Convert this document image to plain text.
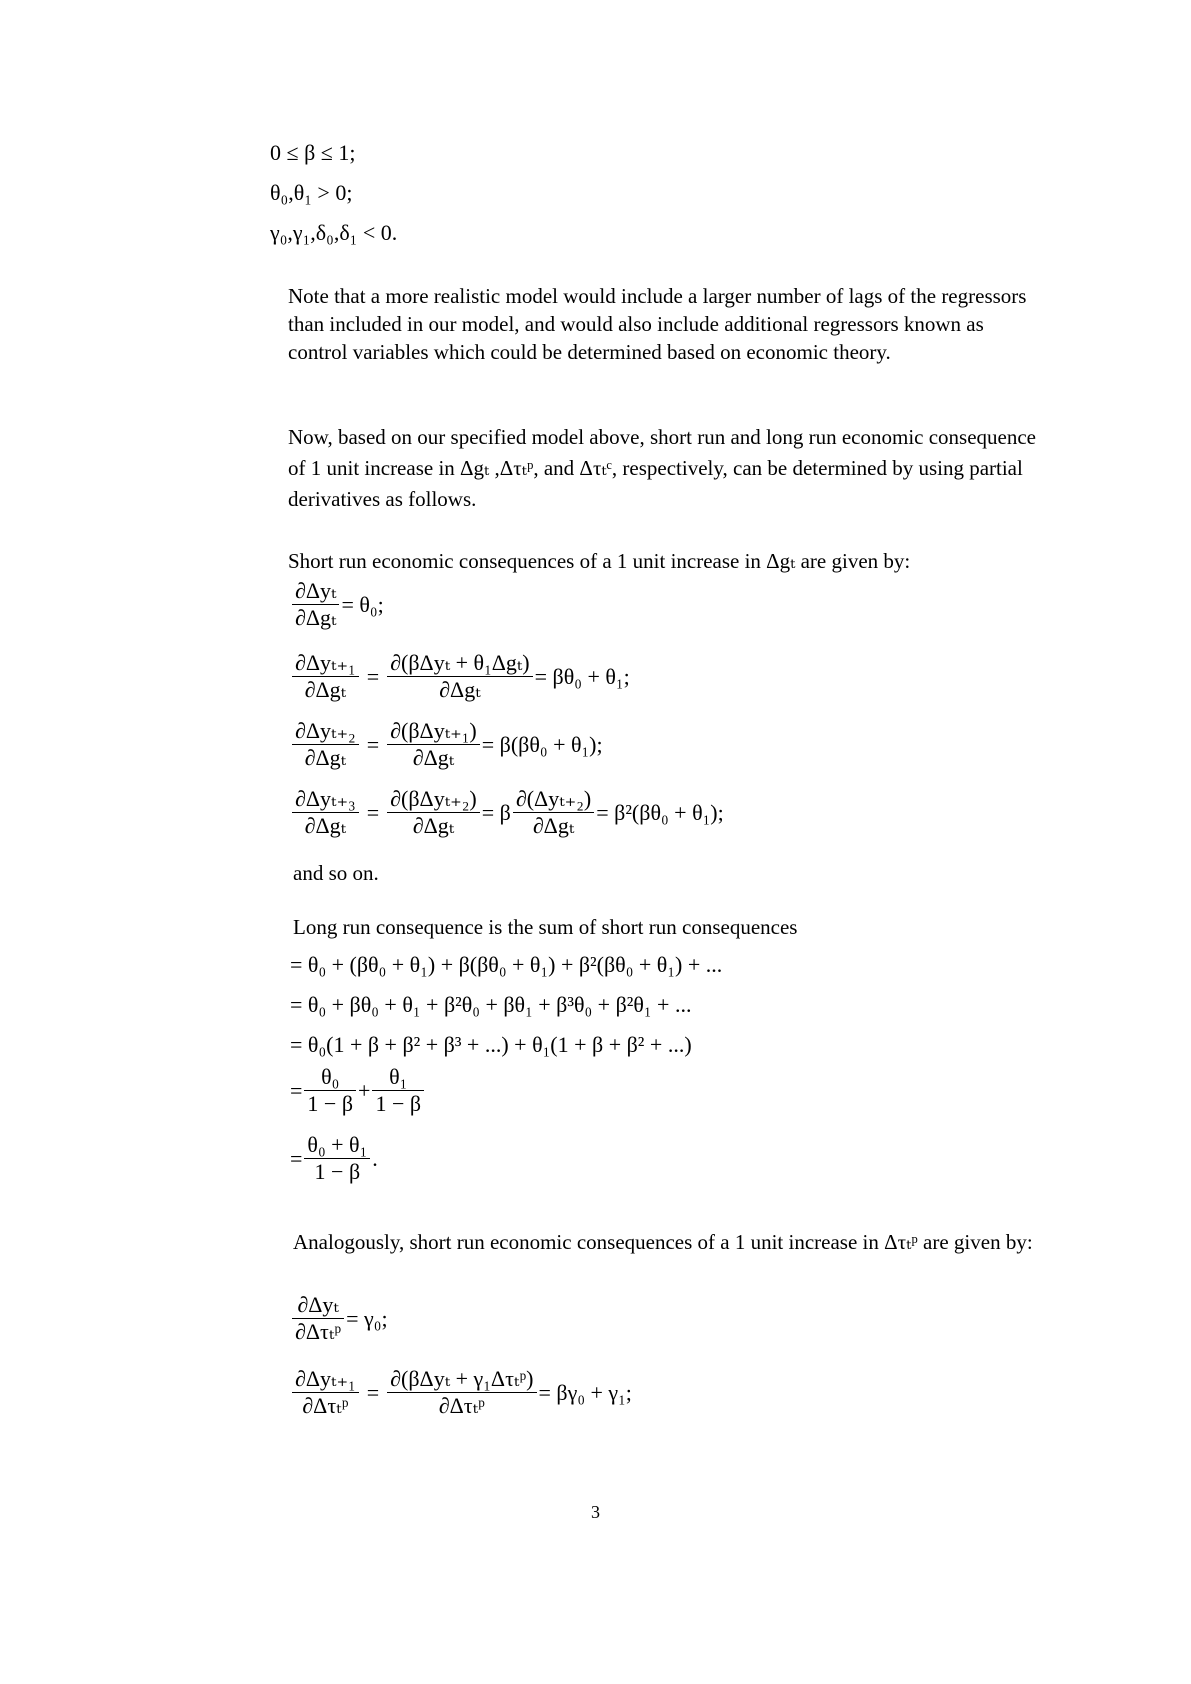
0 ≤ β ≤ 1;
θ₀,θ₁ > 0;
γ₀,γ₁,δ₀,δ₁ < 0.

Note that a more realistic model would include a larger number of lags of the regressors than included in our model, and would also include additional regressors known as control variables which could be determined based on economic theory.

Now, based on our specified model above, short run and long run economic consequence of 1 unit increase in Δgₜ ,Δτₜᵖ, and Δτₜᶜ, respectively, can be determined by using partial derivatives as follows.

Short run economic consequences of a 1 unit increase in Δgₜ are given by:
$\frac{\text{∂Δyₜ}}{\text{∂Δgₜ}} = \theta_0$;
$\frac{\text{∂Δyₜ₊₁}}{\text{∂Δgₜ}} = \frac{\text{∂(βΔyₜ + θ₁Δgₜ)}}{\text{∂Δgₜ}} = \beta\theta_0 + \theta_1$;
$\frac{\text{∂Δyₜ₊₂}}{\text{∂Δgₜ}} = \frac{\text{∂(βΔyₜ₊₁)}}{\text{∂Δgₜ}} = \beta(\beta\theta_0 + \theta_1)$;
$\frac{\text{∂Δyₜ₊₃}}{\text{∂Δgₜ}} = \frac{\text{∂(βΔyₜ₊₂)}}{\text{∂Δgₜ}} = \beta \frac{\text{∂(Δyₜ₊₂)}}{\text{∂Δgₜ}} = \beta^2(\beta\theta_0 + \theta_1)$;
and so on.
Long run consequence is the sum of short run consequences
= θ₀ + (βθ₀ + θ₁) + β(βθ₀ + θ₁) + β²(βθ₀ + θ₁) + ...
= θ₀ + βθ₀ + θ₁ + β²θ₀ + βθ₁ + β³θ₀ + β²θ₁ + ...
= θ₀(1 + β + β² + β³ + ...) + θ₁(1 + β + β² + ...)
= $\frac{\text{θ₀}}{1 - \beta} + \frac{\text{θ₁}}{1 - \beta}$
= $\frac{\text{θ₀ + θ₁}}{1 - \beta}$ .

Analogously, short run economic consequences of a 1 unit increase in Δτₜᵖ are given by:

$\frac{\text{∂Δyₜ}}{\text{∂Δτₜᵖ}} = \gamma_0$;
$\frac{\text{∂Δyₜ₊₁}}{\text{∂Δτₜᵖ}} = \frac{\text{∂(βΔyₜ + γ₁Δτₜᵖ)}}{\text{∂Δτₜᵖ}} = \beta\gamma_0 + \gamma_1$;
3
